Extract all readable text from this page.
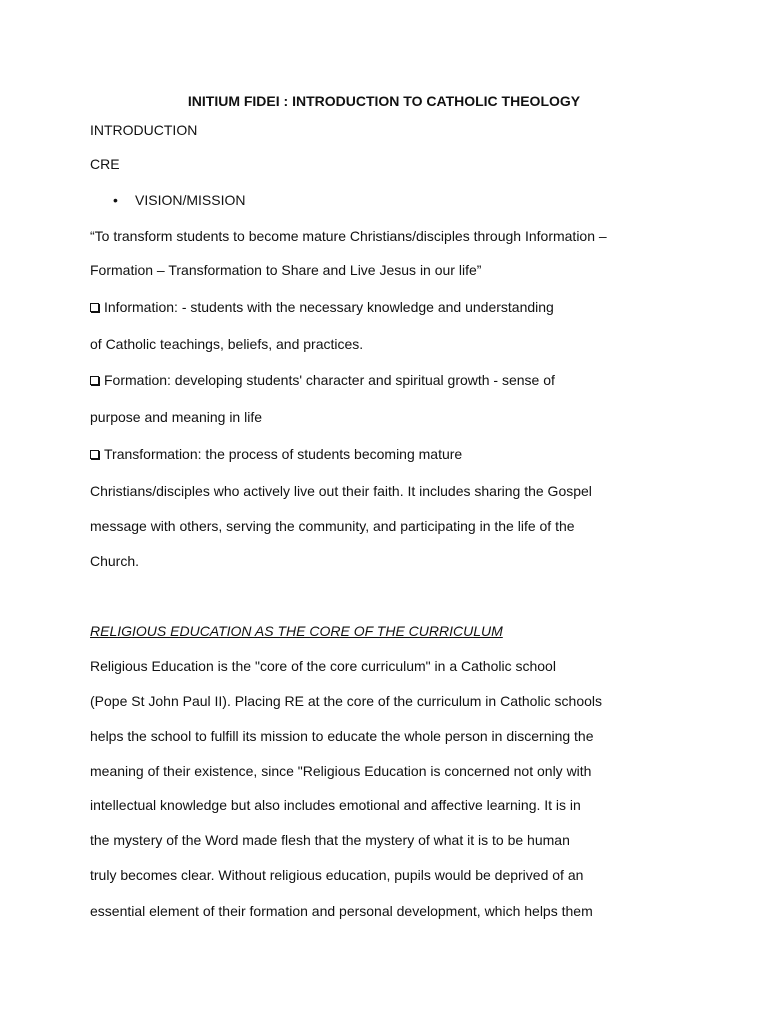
INITIUM FIDEI : INTRODUCTION TO CATHOLIC THEOLOGY
INTRODUCTION
CRE
• VISION/MISSION
“To transform students to become mature Christians/disciples through Information –
Formation – Transformation to Share and Live Jesus in our life”
Information: - students with the necessary knowledge and understanding
of Catholic teachings, beliefs, and practices.
Formation: developing students' character and spiritual growth - sense of
purpose and meaning in life
Transformation: the process of students becoming mature
Christians/disciples who actively live out their faith. It includes sharing the Gospel
message with others, serving the community, and participating in the life of the
Church.
RELIGIOUS EDUCATION AS THE CORE OF THE CURRICULUM
Religious Education is the "core of the core curriculum" in a Catholic school
(Pope St John Paul II). Placing RE at the core of the curriculum in Catholic schools
helps the school to fulfill its mission to educate the whole person in discerning the
meaning of their existence, since "Religious Education is concerned not only with
intellectual knowledge but also includes emotional and affective learning. It is in
the mystery of the Word made flesh that the mystery of what it is to be human
truly becomes clear. Without religious education, pupils would be deprived of an
essential element of their formation and personal development, which helps them
